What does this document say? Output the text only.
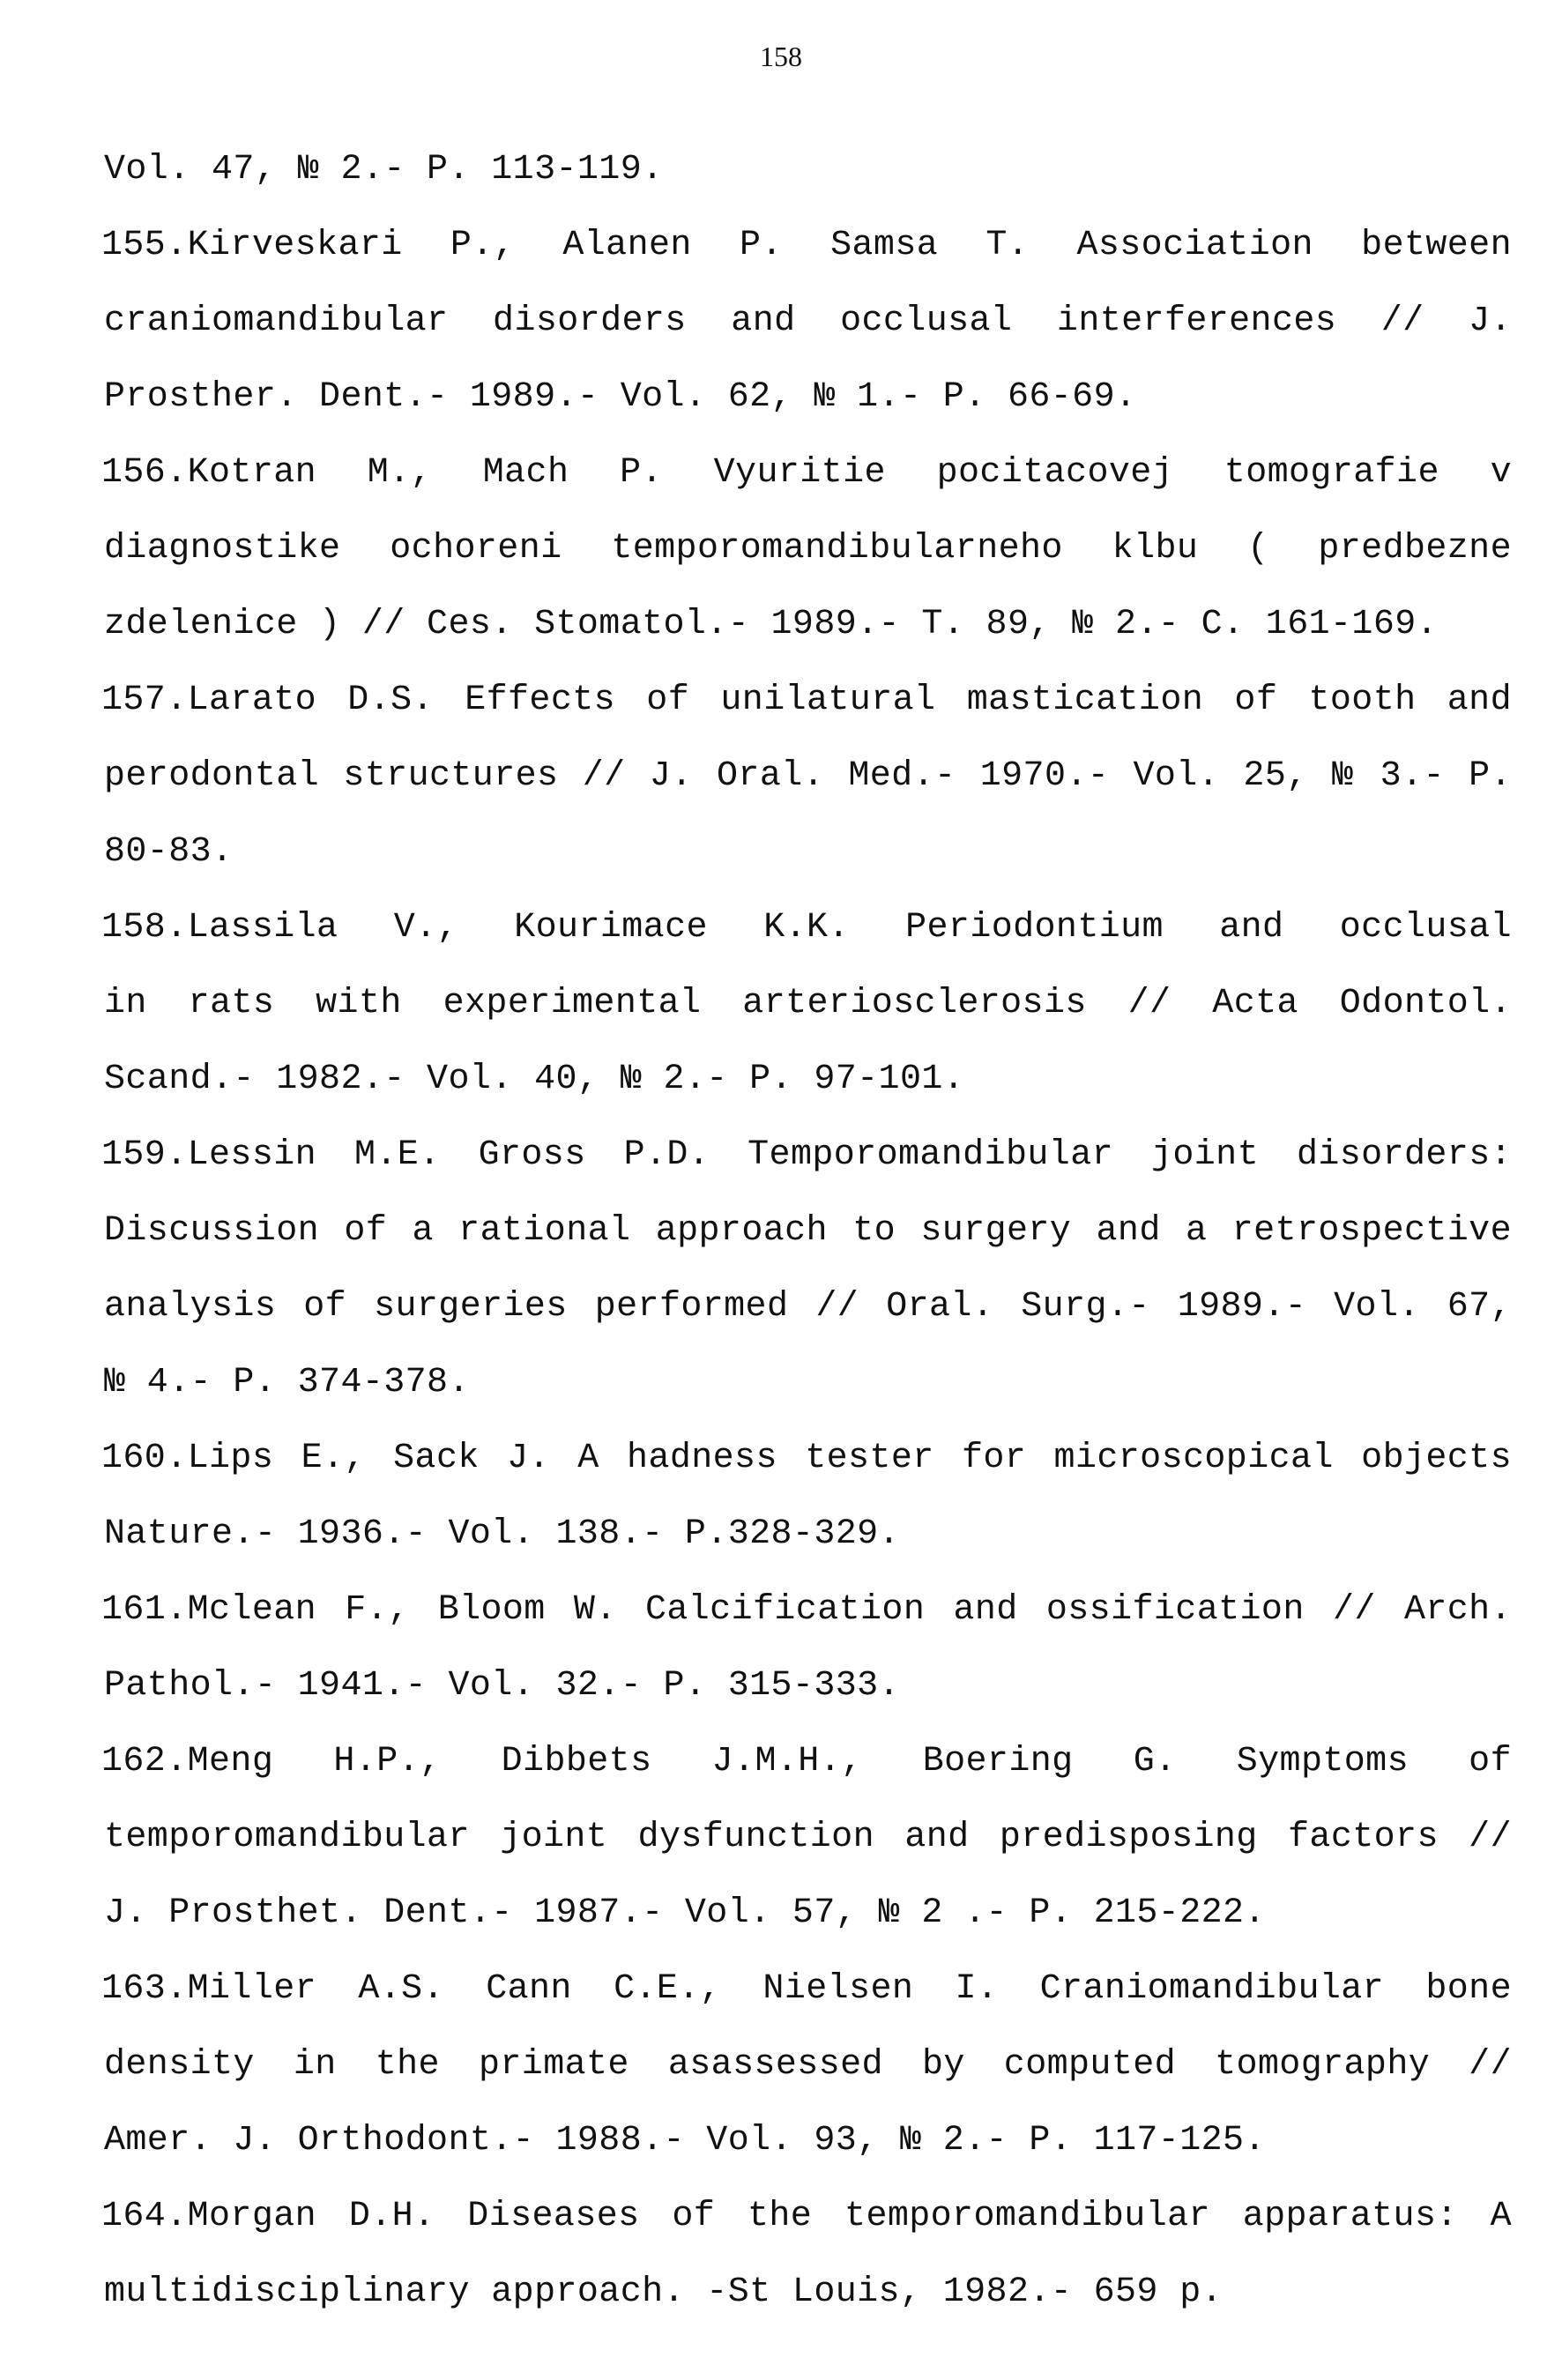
158
Vol. 47, № 2.- P. 113-119.
155.Kirveskari P., Alanen P. Samsa T. Association between
craniomandibular disorders and occlusal interferences // J.
Prosther. Dent.- 1989.- Vol. 62, № 1.- P. 66-69.
156.Kotran M., Mach P. Vyuritie pocitacovej tomografie v
diagnostike ochoreni temporomandibularneho klbu ( predbezne
zdelenice ) // Ces. Stomatol.- 1989.- T. 89, № 2.- C. 161-169.
157.Larato D.S. Effects of unilatural mastication of tooth and
perodontal structures // J. Oral. Med.- 1970.- Vol. 25, № 3.- P.
80-83.
158.Lassila V., Kourimace K.K. Periodontium and occlusal
in rats with experimental arteriosclerosis // Acta Odontol.
Scand.- 1982.- Vol. 40, № 2.- P. 97-101.
159.Lessin M.E. Gross P.D. Temporomandibular joint disorders:
Discussion of a rational approach to surgery and a retrospective
analysis of surgeries performed // Oral. Surg.- 1989.- Vol. 67,
№ 4.- P. 374-378.
160.Lips E., Sack J. A hadness tester for microscopical objects
Nature.- 1936.- Vol. 138.- P.328-329.
161.Mclean F., Bloom W. Calcification and ossification // Arch.
Pathol.- 1941.- Vol. 32.- P. 315-333.
162.Meng H.P., Dibbets J.M.H., Boering G. Symptoms of
temporomandibular joint dysfunction and predisposing factors //
J. Prosthet. Dent.- 1987.- Vol. 57, № 2 .- P. 215-222.
163.Miller A.S. Cann C.E., Nielsen I. Craniomandibular bone
density in the primate asassessed by computed tomography //
Amer. J. Orthodont.- 1988.- Vol. 93, № 2.- P. 117-125.
164.Morgan D.H. Diseases of the temporomandibular apparatus: A
multidisciplinary approach. -St Louis, 1982.- 659 p.
